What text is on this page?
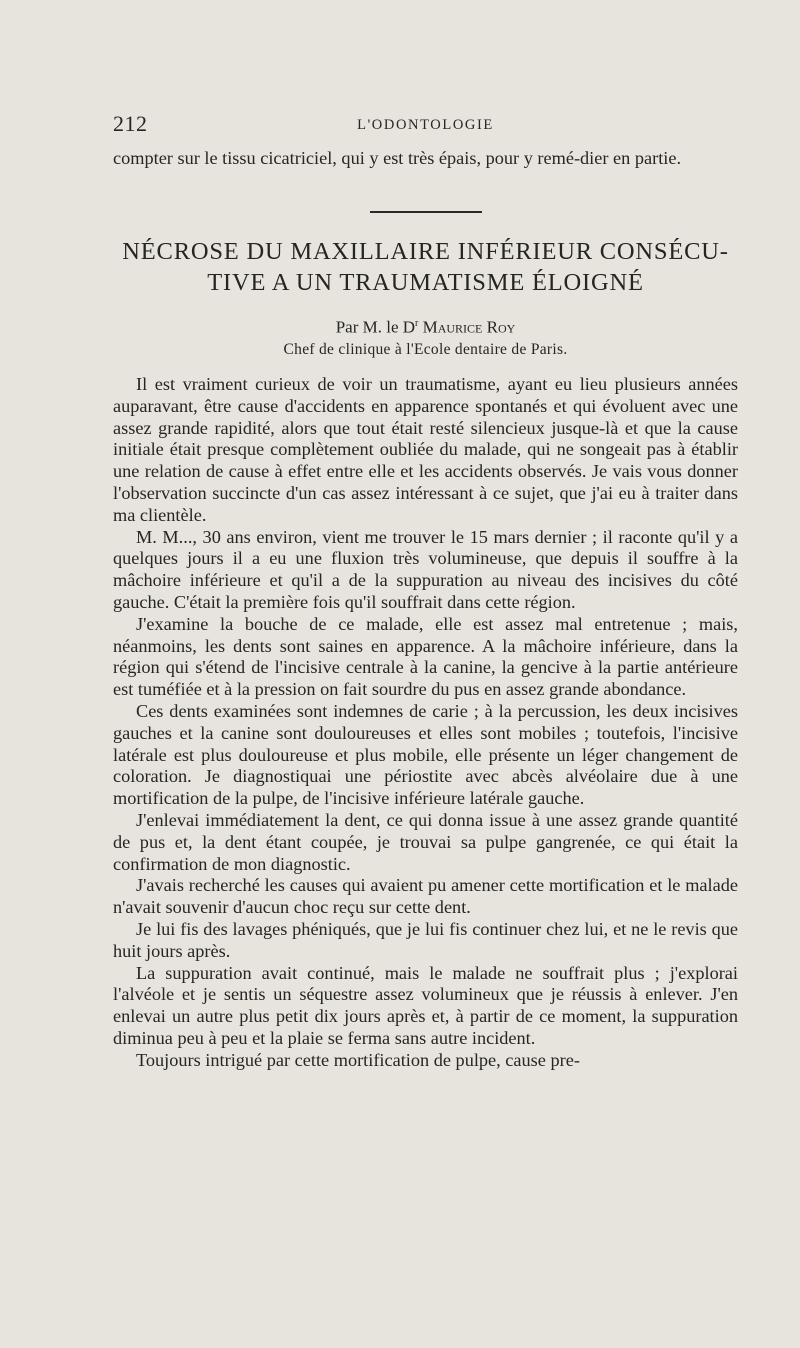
212	L'ODONTOLOGIE

compter sur le tissu cicatriciel, qui y est très épais, pour y remé-dier en partie.

NÉCROSE DU MAXILLAIRE INFÉRIEUR CONSÉCU-
TIVE A UN TRAUMATISME ÉLOIGNÉ
Par M. le $D^r$ Maurice Roy
Chef de clinique à l'Ecole dentaire de Paris.

Il est vraiment curieux de voir un traumatisme, ayant eu lieu plusieurs années auparavant, être cause d'accidents en apparence spontanés et qui évoluent avec une assez grande rapidité, alors que tout était resté silencieux jusque-là et que la cause initiale était presque complètement oubliée du malade, qui ne songeait pas à établir une relation de cause à effet entre elle et les accidents observés. Je vais vous donner l'observation succincte d'un cas assez intéressant à ce sujet, que j'ai eu à traiter dans ma clientèle.

M. M..., 30 ans environ, vient me trouver le 15 mars dernier ; il raconte qu'il y a quelques jours il a eu une fluxion très volumineuse, que depuis il souffre à la mâchoire inférieure et qu'il a de la suppuration au niveau des incisives du côté gauche. C'était la première fois qu'il souffrait dans cette région.

J'examine la bouche de ce malade, elle est assez mal entretenue ; mais, néanmoins, les dents sont saines en apparence. A la mâchoire inférieure, dans la région qui s'étend de l'incisive centrale à la canine, la gencive à la partie antérieure est tuméfiée et à la pression on fait sourdre du pus en assez grande abondance.

Ces dents examinées sont indemnes de carie ; à la percussion, les deux incisives gauches et la canine sont douloureuses et elles sont mobiles ; toutefois, l'incisive latérale est plus douloureuse et plus mobile, elle présente un léger changement de coloration. Je diagnostiquai une périostite avec abcès alvéolaire due à une mortification de la pulpe, de l'incisive inférieure latérale gauche.

J'enlevai immédiatement la dent, ce qui donna issue à une assez grande quantité de pus et, la dent étant coupée, je trouvai sa pulpe gangrenée, ce qui était la confirmation de mon diagnostic.

J'avais recherché les causes qui avaient pu amener cette mortification et le malade n'avait souvenir d'aucun choc reçu sur cette dent.

Je lui fis des lavages phéniqués, que je lui fis continuer chez lui, et ne le revis que huit jours après.

La suppuration avait continué, mais le malade ne souffrait plus ; j'explorai l'alvéole et je sentis un séquestre assez volumineux que je réussis à enlever. J'en enlevai un autre plus petit dix jours après et, à partir de ce moment, la suppuration diminua peu à peu et la plaie se ferma sans autre incident.

Toujours intrigué par cette mortification de pulpe, cause pre-
